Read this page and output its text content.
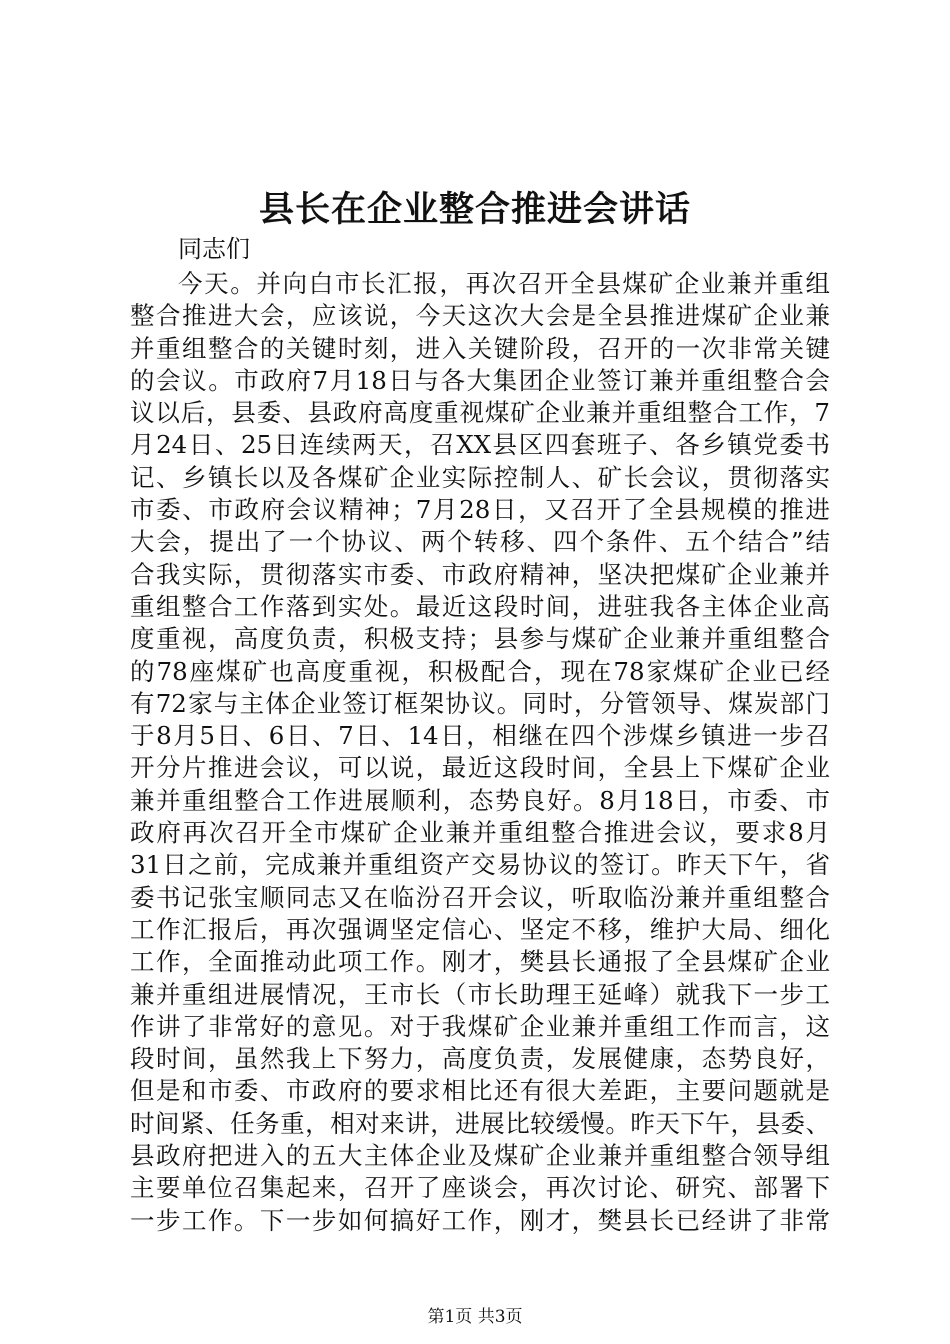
县长在企业整合推进会讲话

同志们

今天。并向白市长汇报，再次召开全县煤矿企业兼并重组
整合推进大会，应该说，今天这次大会是全县推进煤矿企业兼
并重组整合的关键时刻，进入关键阶段，召开的一次非常关键
的会议。市政府7月18日与各大集团企业签订兼并重组整合会
议以后，县委、县政府高度重视煤矿企业兼并重组整合工作，7
月24日、25日连续两天，召XX县区四套班子、各乡镇党委书
记、乡镇长以及各煤矿企业实际控制人、矿长会议，贯彻落实
市委、市政府会议精神；7月28日，又召开了全县规模的推进
大会，提出了一个协议、两个转移、四个条件、五个结合”结
合我实际，贯彻落实市委、市政府精神，坚决把煤矿企业兼并
重组整合工作落到实处。最近这段时间，进驻我各主体企业高
度重视，高度负责，积极支持；县参与煤矿企业兼并重组整合
的78座煤矿也高度重视，积极配合，现在78家煤矿企业已经
有72家与主体企业签订框架协议。同时，分管领导、煤炭部门
于8月5日、6日、7日、14日，相继在四个涉煤乡镇进一步召
开分片推进会议，可以说，最近这段时间，全县上下煤矿企业
兼并重组整合工作进展顺利，态势良好。8月18日，市委、市
政府再次召开全市煤矿企业兼并重组整合推进会议，要求8月
31日之前，完成兼并重组资产交易协议的签订。昨天下午，省
委书记张宝顺同志又在临汾召开会议，听取临汾兼并重组整合
工作汇报后，再次强调坚定信心、坚定不移，维护大局、细化
工作，全面推动此项工作。刚才，樊县长通报了全县煤矿企业
兼并重组进展情况，王市长（市长助理王延峰）就我下一步工
作讲了非常好的意见。对于我煤矿企业兼并重组工作而言，这
段时间，虽然我上下努力，高度负责，发展健康，态势良好，
但是和市委、市政府的要求相比还有很大差距，主要问题就是
时间紧、任务重，相对来讲，进展比较缓慢。昨天下午，县委、
县政府把进入的五大主体企业及煤矿企业兼并重组整合领导组
主要单位召集起来，召开了座谈会，再次讨论、研究、部署下
一步工作。下一步如何搞好工作，刚才，樊县长已经讲了非常

第1页 共3页
